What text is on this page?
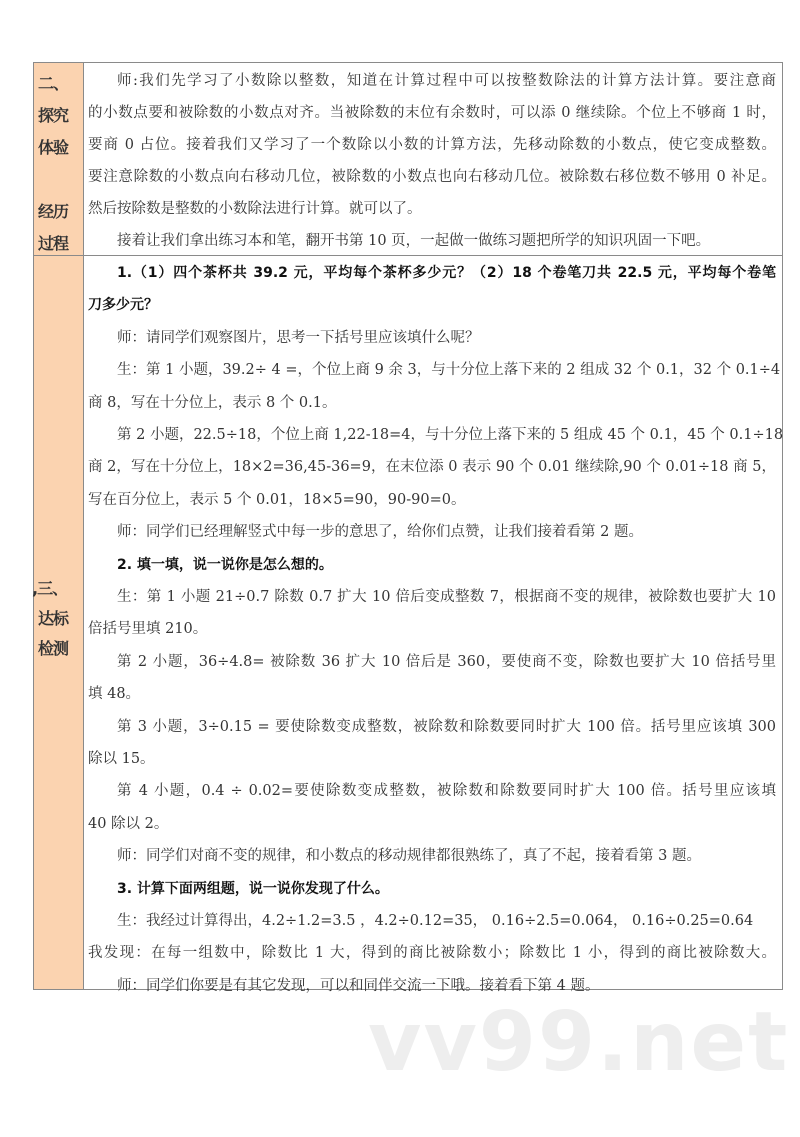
二、
探究
体验
经历
过程
师:我们先学习了小数除以整数，知道在计算过程中可以按整数除法的计算方法计算。要注意商
的小数点要和被除数的小数点对齐。当被除数的末位有余数时，可以添 0 继续除。个位上不够商 1 时，
要商 0 占位。接着我们又学习了一个数除以小数的计算方法，先移动除数的小数点，使它变成整数。
要注意除数的小数点向右移动几位，被除数的小数点也向右移动几位。被除数右移位数不够用 0 补足。
然后按除数是整数的小数除法进行计算。就可以了。
接着让我们拿出练习本和笔，翻开书第 10 页，一起做一做练习题把所学的知识巩固一下吧。
,三、
达标
检测
1.（1）四个茶杯共 39.2 元，平均每个茶杯多少元？（2）18 个卷笔刀共 22.5 元，平均每个卷笔
刀多少元？
师：请同学们观察图片，思考一下括号里应该填什么呢？
生：第 1 小题，39.2÷ 4 =，个位上商 9 余 3，与十分位上落下来的 2 组成 32 个 0.1，32 个 0.1÷4
商 8，写在十分位上，表示 8 个 0.1。
第 2 小题，22.5÷18，个位上商 1,22-18=4，与十分位上落下来的 5 组成 45 个 0.1，45 个 0.1÷18
商 2，写在十分位上，18×2=36,45-36=9，在末位添 0 表示 90 个 0.01 继续除,90 个 0.01÷18 商 5，
写在百分位上，表示 5 个 0.01，18×5=90，90-90=0。
师：同学们已经理解竖式中每一步的意思了，给你们点赞，让我们接着看第 2 题。
2. 填一填，说一说你是怎么想的。
生：第 1 小题 21÷0.7 除数 0.7 扩大 10 倍后变成整数 7，根据商不变的规律，被除数也要扩大 10
倍括号里填 210。
第 2 小题，36÷4.8= 被除数 36 扩大 10 倍后是 360，要使商不变，除数也要扩大 10 倍括号里
填 48。
第 3 小题，3÷0.15 = 要使除数变成整数，被除数和除数要同时扩大 100 倍。括号里应该填 300
除以 15。
第 4 小题，0.4 ÷ 0.02=要使除数变成整数，被除数和除数要同时扩大 100 倍。括号里应该填
40 除以 2。
师：同学们对商不变的规律，和小数点的移动规律都很熟练了，真了不起，接着看第 3 题。
3. 计算下面两组题，说一说你发现了什么。
生：我经过计算得出，4.2÷1.2=3.5 ，4.2÷0.12=35， 0.16÷2.5=0.064， 0.16÷0.25=0.64
我发现：在每一组数中，除数比 1 大，得到的商比被除数小；除数比 1 小，得到的商比被除数大。
师：同学们你要是有其它发现，可以和同伴交流一下哦。接着看下第 4 题。
vv99.net
